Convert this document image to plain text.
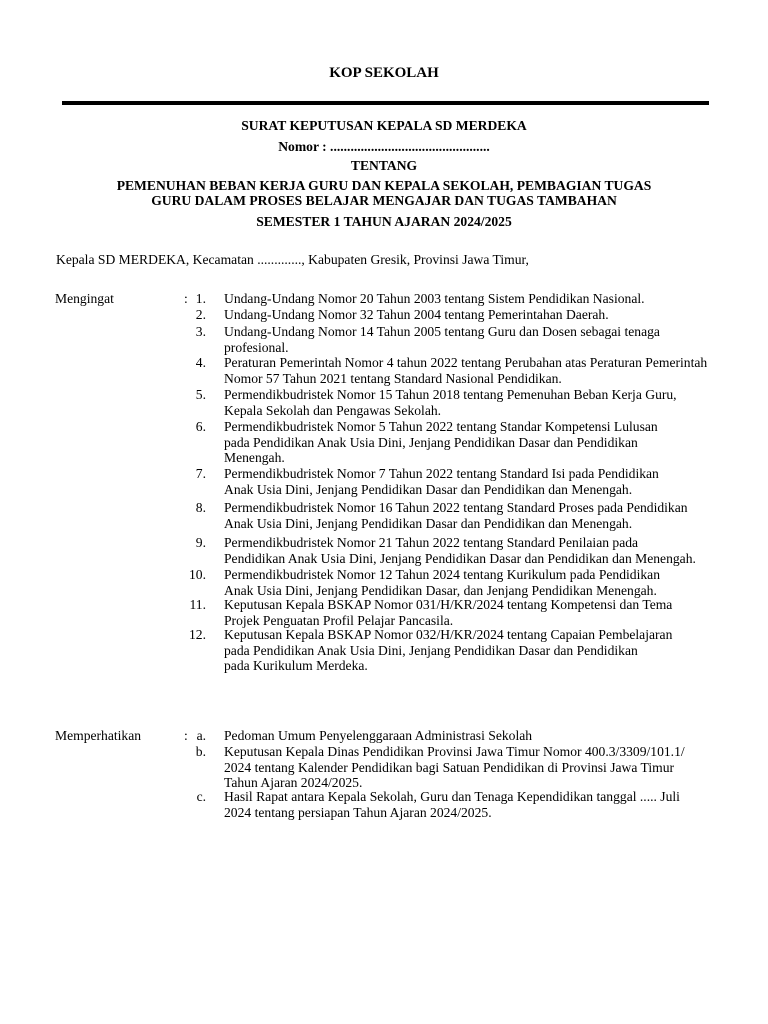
KOP SEKOLAH
SURAT KEPUTUSAN KEPALA SD MERDEKA
Nomor : ...............................................
TENTANG
PEMENUHAN BEBAN KERJA GURU DAN KEPALA SEKOLAH, PEMBAGIAN TUGAS
GURU DALAM PROSES BELAJAR MENGAJAR DAN TUGAS TAMBAHAN
SEMESTER 1 TAHUN AJARAN 2024/2025
Kepala SD MERDEKA, Kecamatan ............., Kabupaten Gresik, Provinsi Jawa Timur,
Mengingat	: 1. Undang-Undang Nomor 20 Tahun 2003 tentang Sistem Pendidikan Nasional.
2. Undang-Undang Nomor 32 Tahun 2004 tentang Pemerintahan Daerah.
3. Undang-Undang Nomor 14 Tahun 2005 tentang Guru dan Dosen sebagai tenaga
profesional.
4. Peraturan Pemerintah Nomor 4 tahun 2022 tentang Perubahan atas Peraturan Pemerintah
Nomor 57 Tahun 2021 tentang Standard Nasional Pendidikan.
5. Permendikbudristek Nomor 15 Tahun 2018 tentang Pemenuhan Beban Kerja Guru,
Kepala Sekolah dan Pengawas Sekolah.
6. Permendikbudristek Nomor 5 Tahun 2022 tentang Standar Kompetensi Lulusan
pada Pendidikan Anak Usia Dini, Jenjang Pendidikan Dasar dan Pendidikan
Menengah.
7. Permendikbudristek Nomor 7 Tahun 2022 tentang Standard Isi pada Pendidikan
Anak Usia Dini, Jenjang Pendidikan Dasar dan Pendidikan dan Menengah.
8. Permendikbudristek Nomor 16 Tahun 2022 tentang Standard Proses pada Pendidikan
Anak Usia Dini, Jenjang Pendidikan Dasar dan Pendidikan dan Menengah.
9. Permendikbudristek Nomor 21 Tahun 2022 tentang Standard Penilaian pada
Pendidikan Anak Usia Dini, Jenjang Pendidikan Dasar dan Pendidikan dan Menengah.
10. Permendikbudristek Nomor 12 Tahun 2024 tentang Kurikulum pada Pendidikan
Anak Usia Dini, Jenjang Pendidikan Dasar, dan Jenjang Pendidikan Menengah.
11. Keputusan Kepala BSKAP Nomor 031/H/KR/2024 tentang Kompetensi dan Tema
Projek Penguatan Profil Pelajar Pancasila.
12. Keputusan Kepala BSKAP Nomor 032/H/KR/2024 tentang Capaian Pembelajaran
pada Pendidikan Anak Usia Dini, Jenjang Pendidikan Dasar dan Pendidikan
pada Kurikulum Merdeka.
Memperhatikan	: a. Pedoman Umum Penyelenggaraan Administrasi Sekolah
b. Keputusan Kepala Dinas Pendidikan Provinsi Jawa Timur Nomor 400.3/3309/101.1/
2024 tentang Kalender Pendidikan bagi Satuan Pendidikan di Provinsi Jawa Timur
Tahun Ajaran 2024/2025.
c. Hasil Rapat antara Kepala Sekolah, Guru dan Tenaga Kependidikan tanggal ..... Juli
2024 tentang persiapan Tahun Ajaran 2024/2025.
